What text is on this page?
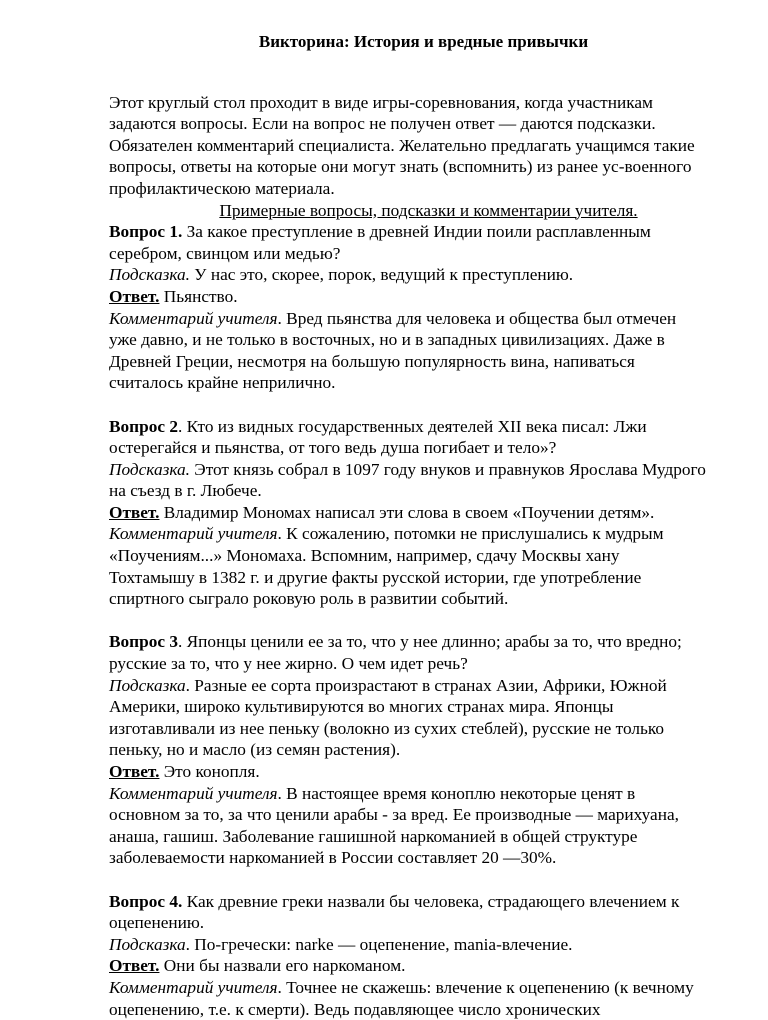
Викторина: История и вредные привычки

Этот круглый стол проходит в виде игры-соревнования, когда участникам задаются вопросы. Если на вопрос не получен ответ — даются подсказки. Обязателен комментарий специалиста. Желательно предлагать учащимся такие вопросы, ответы на которые они могут знать (вспомнить) из ранее ус-военного профилактическою материала.

Примерные вопросы, подсказки и комментарии учителя.

Вопрос 1. За какое преступление в древней Индии поили расплавленным серебром, свинцом или медью?

Подсказка. У нас это, скорее, порок, ведущий к преступлению.

Ответ. Пьянство.

Комментарий учителя. Вред пьянства для человека и общества был отмечен уже давно, и не только в восточных, но и в западных цивилизациях. Даже в Древней Греции, несмотря на большую популярность вина, напиваться считалось крайне неприлично.

Вопрос 2. Кто из видных государственных деятелей XII века писал: Лжи остерегайся и пьянства, от того ведь душа погибает и тело»?

Подсказка. Этот князь собрал в 1097 году внуков и правнуков Ярослава Мудрого на съезд в г. Любече.

Ответ. Владимир Мономах написал эти слова в своем «Поучении детям».

Комментарий учителя. К сожалению, потомки не прислушались к мудрым «Поучениям...» Мономаха. Вспомним, например, сдачу Москвы хану Тохтамышу в 1382 г. и другие факты русской истории, где употребление спиртного сыграло роковую роль в развитии событий.

Вопрос 3. Японцы ценили ее за то, что у нее длинно; арабы за то, что вредно; русские за то, что у нее жирно. О чем идет речь?

Подсказка. Разные ее сорта произрастают в странах Азии, Африки, Южной Америки, широко культивируются во многих странах мира. Японцы изготавливали из нее пеньку (волокно из сухих стеблей), русские не только пеньку, но и масло (из семян растения).

Ответ. Это конопля.

Комментарий учителя. В настоящее время коноплю некоторые ценят в основном за то, за что ценили арабы - за вред. Ее производные — марихуана, анаша, гашиш. Заболевание гашишной наркоманией в общей структуре заболеваемости наркоманией в России составляет 20 —30%.

Вопрос 4. Как древние греки назвали бы человека, страдающего влечением к оцепенению.

Подсказка. По-гречески: narke — оцепенение, mania-влечение.

Ответ. Они бы назвали его наркоманом.

Комментарий учителя. Точнее не скажешь: влечение к оцепенению (к вечному оцепенению, т.е. к смерти). Ведь подавляющее число хронических
